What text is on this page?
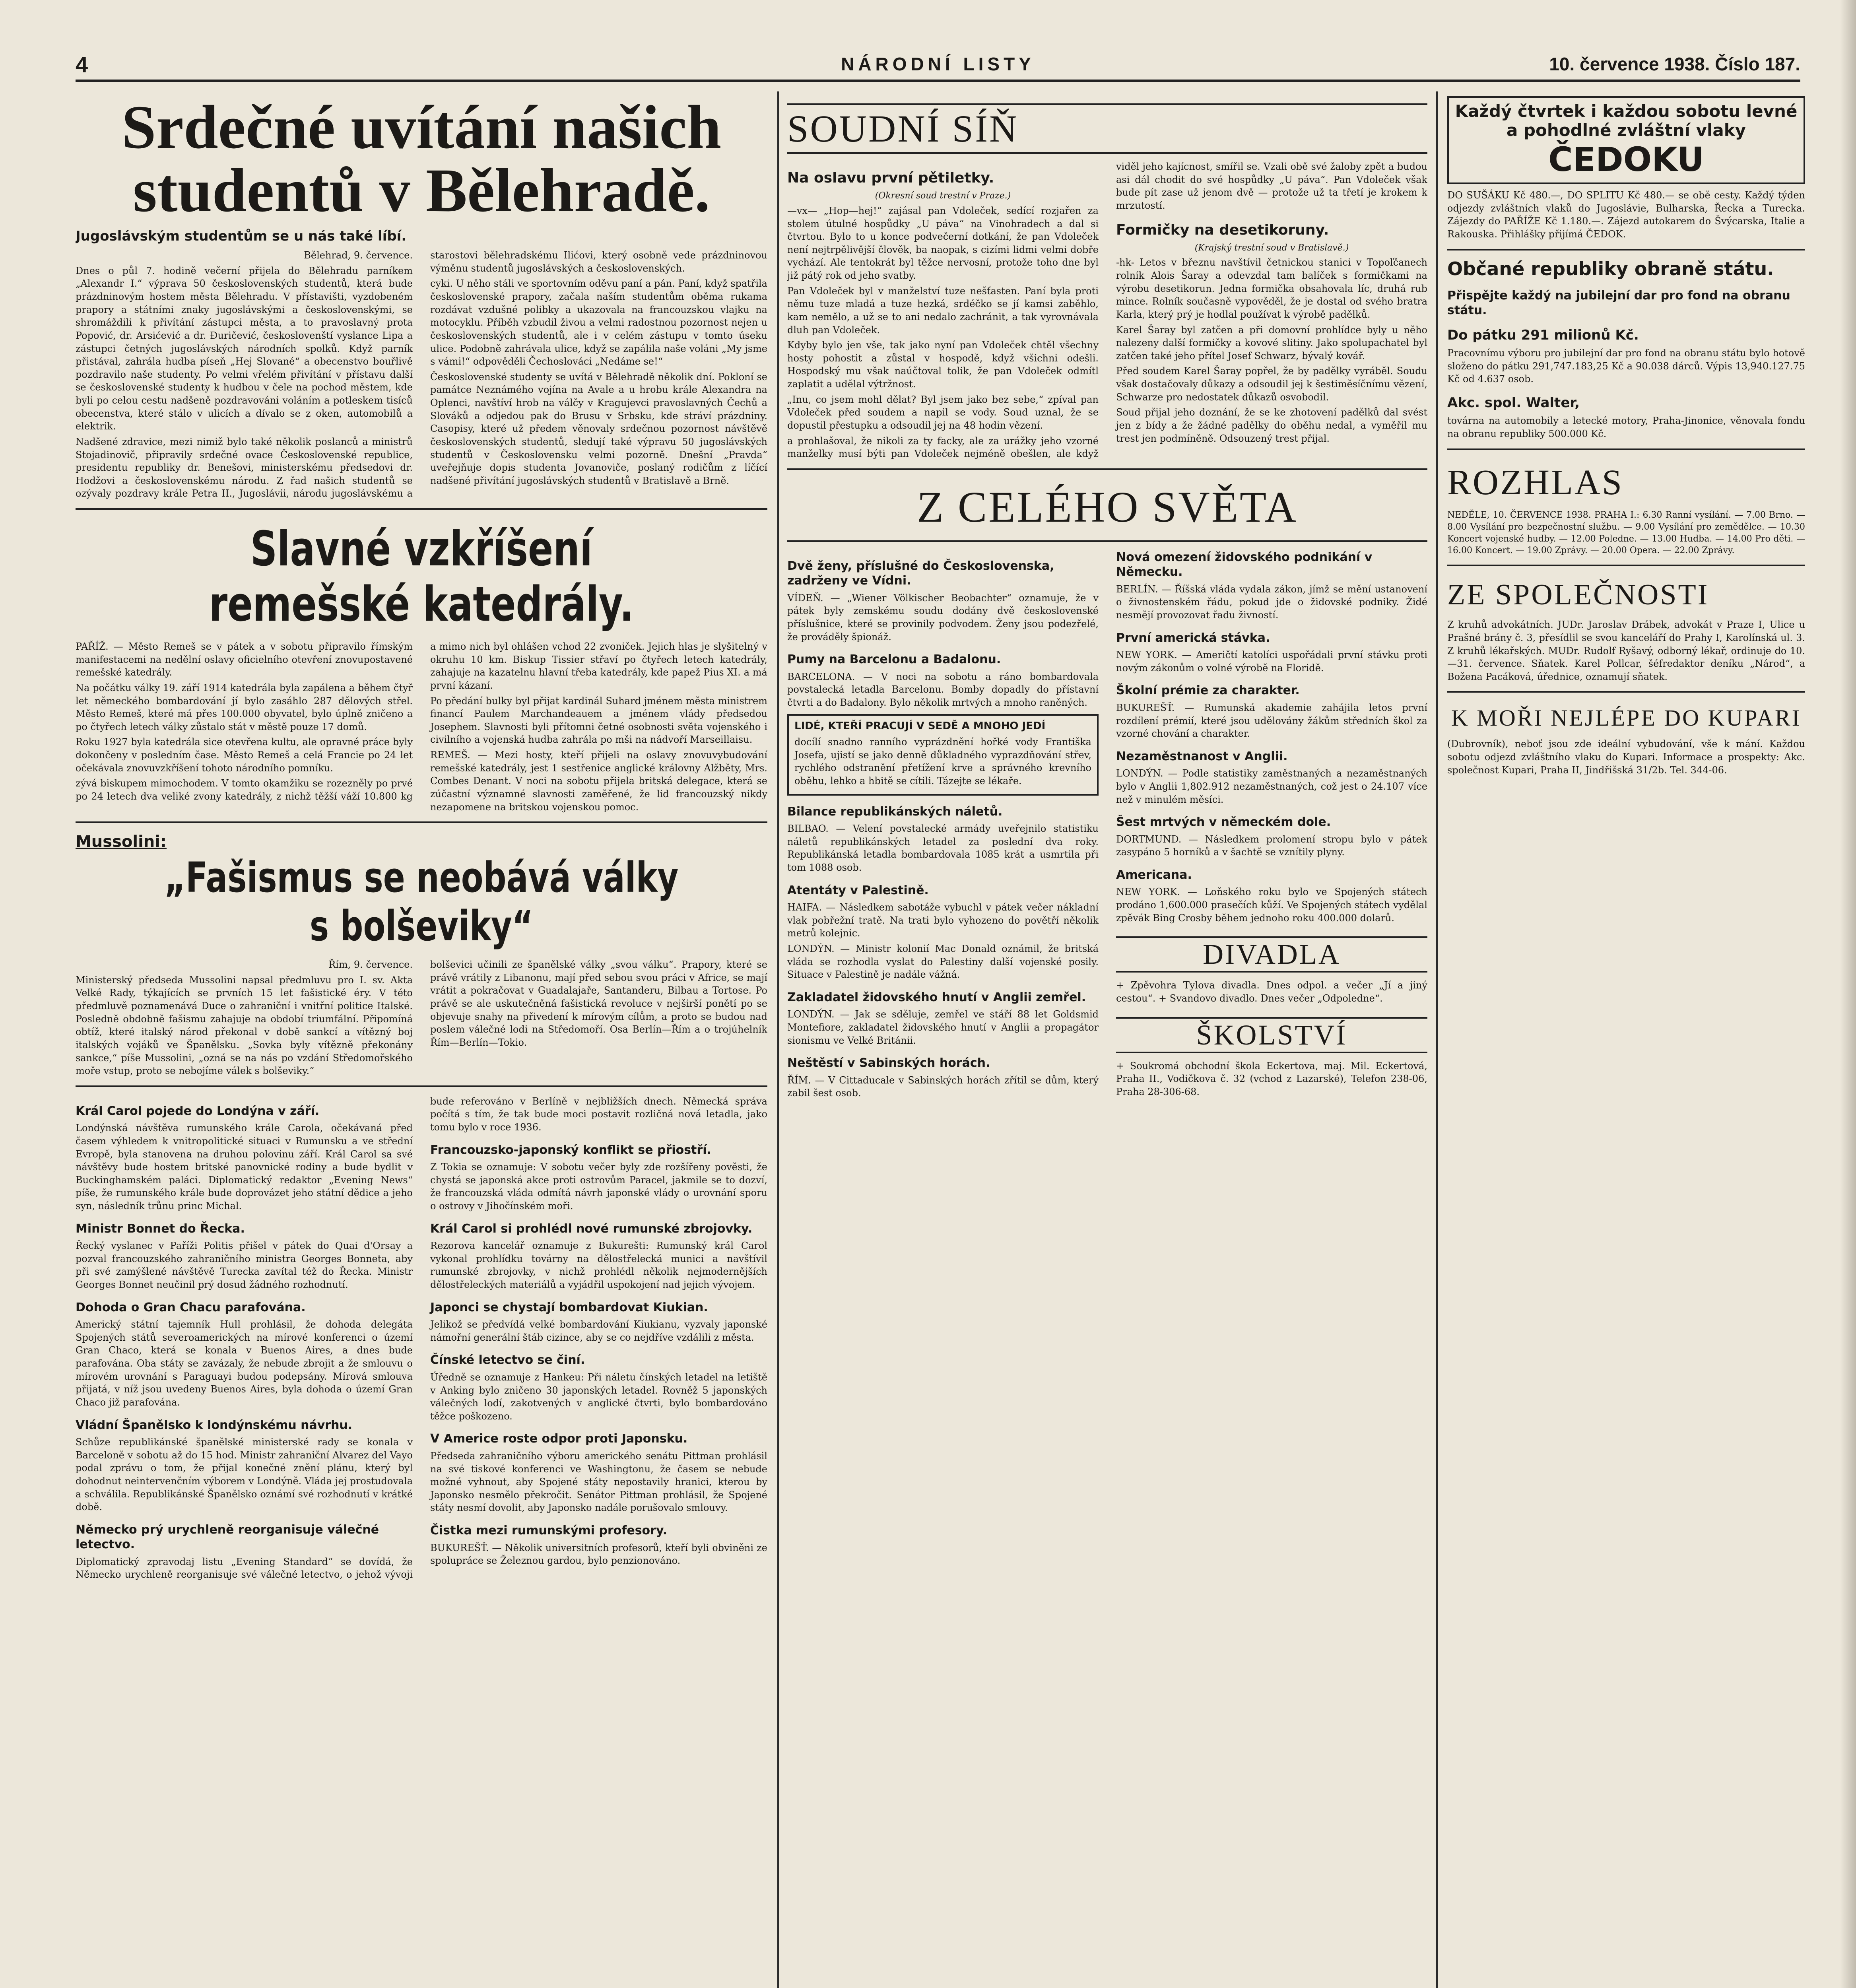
4	NÁRODNÍ LISTY	10. července 1938. Číslo 187.
Srdečné uvítání našich
studentů v Bělehradě.
Jugoslávským studentům se u nás také líbí.

Bělehrad, 9. července.

Dnes o půl 7. hodině večerní přijela do Bělehradu parníkem „Alexandr I.“ výprava 50 československých studentů, která bude prázdninovým hostem města Bělehradu. V přístavišti, vyzdobeném prapory a státními znaky jugoslávskými a československými, se shromáždili k přivítání zástupci města, a to pravoslavný prota Popović, dr. Arsićević a dr. Đuričević, českoslovenští vyslance Lipa a zástupci četných jugoslávských národních spolků. Když parník přistával, zahrála hudba píseň „Hej Slované“ a obecenstvo bouřlivě pozdravilo naše studenty. Po velmi vřelém přivítání v přístavu další se československé studenty k hudbou v čele na pochod městem, kde byli po celou cestu nadšeně pozdravováni voláním a potleskem tisíců obecenstva, které stálo v ulicích a dívalo se z oken, automobilů a elektrik.

Nadšené zdravice, mezi nimiž bylo také několik poslanců a ministrů Stojadinovič, připravily srdečné ovace Československé republice, presidentu republiky dr. Benešovi, ministerskému předsedovi dr. Hodžovi a československému národu. Z řad našich studentů se ozývaly pozdravy krále Petra II., Jugoslávii, národu jugoslávskému a starostovi bělehradskému Ilićovi, který osobně vede prázdninovou výměnu studentů jugoslávských a československých.

cyki. U něho stáli ve sportovním oděvu paní a pán. Paní, když spatřila československé prapory, začala naším studentům oběma rukama rozdávat vzdušné polibky a ukazovala na francouzskou vlajku na motocyklu. Příběh vzbudil živou a velmi radostnou pozornost nejen u československých studentů, ale i v celém zástupu v tomto úseku ulice. Podobně zahrávala ulice, když se zapálila naše voláni „My jsme s vámi!“ odpověděli Čechoslováci „Nedáme se!“

Československé studenty se uvítá v Bělehradě několik dní. Pokloní se památce Neznámého vojína na Avale a u hrobu krále Alexandra na Oplenci, navštíví hrob na válčy v Kragujevci pravoslavných Čechů a Slováků a odjedou pak do Brusu v Srbsku, kde stráví prázdniny. Casopisy, které už předem věnovaly srdečnou pozornost návštěvě československých studentů, sledují také výpravu 50 jugoslávských studentů v Československu velmi pozorně. Dnešní „Pravda“ uveřejňuje dopis studenta Jovanoviče, poslaný rodičům z líčící nadšené přivítání jugoslávských studentů v Bratislavě a Brně.

Slavné vzkříšení remešské katedrály.

PAŘÍŽ. — Město Remeš se v pátek a v sobotu připravilo římským manifestacemi na nedělní oslavy oficielního otevření znovupostavené remešské katedrály.

Na počátku války 19. září 1914 katedrála byla zapálena a během čtyř let německého bombardování jí bylo zasáhlo 287 dělových střel. Město Remeš, které má přes 100.000 obyvatel, bylo úplně zničeno a po čtyřech letech války zůstalo stát v městě pouze 17 domů.

Roku 1927 byla katedrála sice otevřena kultu, ale opravné práce byly dokončeny v posledním čase. Město Remeš a celá Francie po 24 let očekávala znovuvzkříšení tohoto národního pomníku.

zývá biskupem mimochodem. V tomto okamžiku se rozezněly po prvé po 24 letech dva veliké zvony katedrály, z nichž těžší váží 10.800 kg a mimo nich byl ohlášen vchod 22 zvoniček. Jejich hlas je slyšitelný v okruhu 10 km. Biskup Tissier střaví po čtyřech letech katedrály, zahajuje na kazatelnu hlavní třeba katedrály, kde papež Pius XI. a má první kázaní.

Po předání bulky byl přijat kardinál Suhard jménem města ministrem financí Paulem Marchandeauem a jménem vlády předsedou Josephem. Slavnosti byli přítomni četné osobnosti světa vojenského i civilního a vojenská hudba zahrála po mši na nádvoří Marseillaisu.

REMEŠ. — Mezi hosty, kteří přijeli na oslavy znovuvybudování remešské katedrály, jest 1 sestřenice anglické královny Alžběty, Mrs. Combes Denant. V noci na sobotu přijela britská delegace, která se zúčastní významné slavnosti zaměřené, že lid francouzský nikdy nezapomene na britskou vojenskou pomoc.

Mussolini:
„Fašismus se neobává války s bolševiky“

Řím, 9. července.

Ministerský předseda Mussolini napsal předmluvu pro I. sv. Akta Velké Rady, týkajících se prvních 15 let fašistické éry. V této předmluvě poznamenává Duce o zahraniční i vnitřní politice Italské. Posledně obdobně fašismu zahajuje na období triumfální. Připomíná obtíž, které italský národ překonal v době sankcí a vítězný boj italských vojáků ve Španělsku. „Sovka byly vítězně překonány sankce,“ píše Mussolini, „ozná se na nás po vzdání Středomořského moře vstup, proto se nebojíme válek s bolševiky.“

bolševici učinili ze španělské války „svou válku“. Prapory, které se právě vrátily z Libanonu, mají před sebou svou práci v Africe, se mají vrátit a pokračovat v Guadalajaře, Santanderu, Bilbau a Tortose. Po právě se ale uskutečněná fašistická revoluce v nejširší ponětí po se objevuje snahy na přivedení k mírovým cílům, a proto se budou nad poslem válečné lodi na Středomoří. Osa Berlín—Řím a o trojúhelník Řím—Berlín—Tokio.

Král Carol pojede do Londýna v září.

Londýnská návštěva rumunského krále Carola, očekávaná před časem výhledem k vnitropolitické situaci v Rumunsku a ve střední Evropě, byla stanovena na druhou polovinu září. Král Carol sa své návštěvy bude hostem britské panovnické rodiny a bude bydlit v Buckinghamském paláci. Diplomatický redaktor „Evening News“ píše, že rumunského krále bude doprovázet jeho státní dědice a jeho syn, následník trůnu princ Michal.

Ministr Bonnet do Řecka.

Řecký vyslanec v Paříži Politis přišel v pátek do Quai d'Orsay a pozval francouzského zahraničního ministra Georges Bonneta, aby při své zamýšlené návštěvě Turecka zavítal též do Řecka. Ministr Georges Bonnet neučinil prý dosud žádného rozhodnutí.

Dohoda o Gran Chacu parafována.

Americký státní tajemník Hull prohlásil, že dohoda delegáta Spojených států severoamerických na mírové konferenci o území Gran Chaco, která se konala v Buenos Aires, a dnes bude parafována. Oba státy se zavázaly, že nebude zbrojit a že smlouvu o mírovém urovnání s Paraguayi budou podepsány. Mírová smlouva přijatá, v níž jsou uvedeny Buenos Aires, byla dohoda o území Gran Chaco již parafována.

Vládní Španělsko k londýnskému návrhu.

Schůze republikánské španělské ministerské rady se konala v Barceloně v sobotu až do 15 hod. Ministr zahraniční Alvarez del Vayo podal zprávu o tom, že přijal konečné znění plánu, který byl dohodnut neintervenčním výborem v Londýně. Vláda jej prostudovala a schválila. Republikánské Španělsko oznámí své rozhodnutí v krátké době.

Německo prý urychleně reorganisuje válečné letectvo.

Diplomatický zpravodaj listu „Evening Standard“ se dovídá, že Německo urychleně reorganisuje své válečné letectvo, o jehož vývoji bude referováno v Berlíně v nejbližších dnech. Německá správa počítá s tím, že tak bude moci postavit rozličná nová letadla, jako tomu bylo v roce 1936.

Francouzsko-japonský konflikt se přiostří.

Z Tokia se oznamuje: V sobotu večer byly zde rozšířeny pověsti, že chystá se japonská akce proti ostrovům Paracel, jakmile se to dozví, že francouzská vláda odmítá návrh japonské vlády o urovnání sporu o ostrovy v Jihočínském moři.

Král Carol si prohlédl nové rumunské zbrojovky.

Rezorova kancelář oznamuje z Bukurešti: Rumunský král Carol vykonal prohlídku továrny na dělostřelecká munici a navštívil rumunské zbrojovky, v nichž prohlédl několik nejmodernějších dělostřeleckých materiálů a vyjádřil uspokojení nad jejich vývojem.

Japonci se chystají bombardovat Kiukian.

Jelikož se předvídá velké bombardování Kiukianu, vyzvaly japonské námořní generální štáb cizince, aby se co nejdříve vzdálili z města.

Čínské letectvo se činí.

Úředně se oznamuje z Hankeu: Při náletu čínských letadel na letiště v Anking bylo zničeno 30 japonských letadel. Rovněž 5 japonských válečných lodí, zakotvených v anglické čtvrti, bylo bombardováno těžce poškozeno.

V Americe roste odpor proti Japonsku.

Předseda zahraničního výboru amerického senátu Pittman prohlásil na své tiskové konferenci ve Washingtonu, že časem se nebude možné vyhnout, aby Spojené státy nepostavily hranici, kterou by Japonsko nesmělo překročit. Senátor Pittman prohlásil, že Spojené státy nesmí dovolit, aby Japonsko nadále porušovalo smlouvy.

Čistka mezi rumunskými profesory.

BUKUREŠŤ. — Několik universitních profesorů, kteří byli obviněni ze spolupráce se Železnou gardou, bylo penzionováno.

SOUDNÍ SÍŇ
Na oslavu první pětiletky.

(Okresní soud trestní v Praze.)

—vx— „Hop—hej!“ zajásal pan Vdoleček, sedící rozjařen za stolem útulné hospůdky „U páva“ na Vinohradech a dal si čtvrtou. Bylo to u konce podvečerní dotkání, že pan Vdoleček není nejtrpělivější člověk, ba naopak, s cizími lidmi velmi dobře vychází. Ale tentokrát byl těžce nervosní, protože toho dne byl již pátý rok od jeho svatby.

Pan Vdoleček byl v manželství tuze nešťasten. Paní byla proti němu tuze mladá a tuze hezká, srdéčko se jí kamsi zaběhlo, kam nemělo, a už se to ani nedalo zachránit, a tak vyrovnávala dluh pan Vdoleček.

Kdyby bylo jen vše, tak jako nyní pan Vdoleček chtěl všechny hosty pohostit a zůstal v hospodě, když všichni odešli. Hospodský mu však naúčtoval tolik, že pan Vdoleček odmítl zaplatit a udělal výtržnost.

„Inu, co jsem mohl dělat? Byl jsem jako bez sebe,“ zpíval pan Vdoleček před soudem a napil se vody. Soud uznal, že se dopustil přestupku a odsoudil jej na 48 hodin vězení.

a prohlašoval, že nikoli za ty facky, ale za urážky jeho vzorné manželky musí býti pan Vdoleček nejméně obešlen, ale když viděl jeho kajícnost, smířil se. Vzali obě své žaloby zpět a budou asi dál chodit do své hospůdky „U páva“. Pan Vdoleček však bude pít zase už jenom dvě — protože už ta třetí je krokem k mrzutostí.

Formičky na desetikoruny.

(Krajský trestní soud v Bratislavě.)

-hk- Letos v březnu navštívil četnickou stanici v Topoľčanech rolník Alois Šaray a odevzdal tam balíček s formičkami na výrobu desetikorun. Jedna formička obsahovala líc, druhá rub mince. Rolník současně vypověděl, že je dostal od svého bratra Karla, který prý je hodlal používat k výrobě padělků.

Karel Šaray byl zatčen a při domovní prohlídce byly u něho nalezeny další formičky a kovové slitiny. Jako spolupachatel byl zatčen také jeho přítel Josef Schwarz, bývalý kovář.

Před soudem Karel Šaray popřel, že by padělky vyráběl. Soudu však dostačovaly důkazy a odsoudil jej k šestiměsíčnímu vězení, Schwarze pro nedostatek důkazů osvobodil.

Soud přijal jeho doznání, že se ke zhotovení padělků dal svést jen z bídy a že žádné padělky do oběhu nedal, a vyměřil mu trest jen podmíněně. Odsouzený trest přijal.

Z CELÉHO SVĚTA
Dvě ženy, příslušné do Československa, zadrženy ve Vídni.

VÍDEŇ. — „Wiener Völkischer Beobachter“ oznamuje, že v pátek byly zemskému soudu dodány dvě československé příslušnice, které se provinily podvodem. Ženy jsou podezřelé, že prováděly špionáž.

Pumy na Barcelonu a Badalonu.

BARCELONA. — V noci na sobotu a ráno bombardovala povstalecká letadla Barcelonu. Bomby dopadly do přístavní čtvrti a do Badalony. Bylo několik mrtvých a mnoho raněných.

LIDÉ, KTEŘÍ PRACUJÍ V SEDĚ A MNOHO JEDÍ

docílí snadno ranního vyprázdnění hořké vody Františka Josefa, ujistí se jako denně důkladného vyprazdňování střev, rychlého odstranění přetížení krve a správného krevního oběhu, lehko a hbitě se cítili. Tázejte se lékaře.

Bilance republikánských náletů.

BILBAO. — Velení povstalecké armády uveřejnilo statistiku náletů republikánských letadel za poslední dva roky. Republikánská letadla bombardovala 1085 krát a usmrtila při tom 1088 osob.

Atentáty v Palestině.

HAIFA. — Následkem sabotáže vybuchl v pátek večer nákladní vlak pobřežní tratě. Na trati bylo vyhozeno do povětří několik metrů kolejnic.

LONDÝN. — Ministr kolonií Mac Donald oznámil, že britská vláda se rozhodla vyslat do Palestiny další vojenské posily. Situace v Palestině je nadále vážná.

Zakladatel židovského hnutí v Anglii zemřel.

LONDÝN. — Jak se sděluje, zemřel ve stáří 88 let Goldsmid Montefiore, zakladatel židovského hnutí v Anglii a propagátor sionismu ve Velké Británii.

Neštěstí v Sabinských horách.

ŘÍM. — V Cittaducale v Sabinských horách zřítil se dům, který zabil šest osob.

Nová omezení židovského podnikání v Německu.

BERLÍN. — Říšská vláda vydala zákon, jímž se mění ustanovení o živnostenském řádu, pokud jde o židovské podniky. Židé nesmějí provozovat řadu živností.

První americká stávka.

NEW YORK. — Američtí katolíci uspořádali první stávku proti novým zákonům o volné výrobě na Floridě.

Školní prémie za charakter.

BUKUREŠŤ. — Rumunská akademie zahájila letos první rozdílení prémií, které jsou udělovány žákům středních škol za vzorné chování a charakter.

Nezaměstnanost v Anglii.

LONDÝN. — Podle statistiky zaměstnaných a nezaměstnaných bylo v Anglii 1,802.912 nezaměstnaných, což jest o 24.107 více než v minulém měsíci.

Šest mrtvých v německém dole.

DORTMUND. — Následkem prolomení stropu bylo v pátek zasypáno 5 horníků a v šachtě se vznítily plyny.

Americana.

NEW YORK. — Loňského roku bylo ve Spojených státech prodáno 1,600.000 prasečích kůží. Ve Spojených státech vydělal zpěvák Bing Crosby během jednoho roku 400.000 dolarů.

DIVADLA

+ Zpěvohra Tylova divadla. Dnes odpol. a večer „Jí a jiný cestou“. + Svandovo divadlo. Dnes večer „Odpoledne“.

ŠKOLSTVÍ

+ Soukromá obchodní škola Eckertova, maj. Mil. Eckertová, Praha II., Vodičkova č. 32 (vchod z Lazarské), Telefon 238-06, Praha 28-306-68.

Každý čtvrtek i každou sobotu levné a pohodlné zvláštní vlaky
ČEDOKU

DO SUŠÁKU Kč 480.—, DO SPLITU Kč 480.— se obě cesty. Každý týden odjezdy zvláštních vlaků do Jugoslávie, Bulharska, Řecka a Turecka. Zájezdy do PAŘÍŽE Kč 1.180.—. Zájezd autokarem do Švýcarska, Italie a Rakouska. Přihlášky přijímá ČEDOK.

Občané republiky obraně státu.
Přispějte každý na jubilejní dar pro fond na obranu státu.
Do pátku 291 milionů Kč.

Pracovnímu výboru pro jubilejní dar pro fond na obranu státu bylo hotově složeno do pátku 291,747.183,25 Kč a 90.038 dárců. Výpis 13,940.127.75 Kč od 4.637 osob.

Akc. spol. Walter,

továrna na automobily a letecké motory, Praha-Jinonice, věnovala fondu na obranu republiky 500.000 Kč.

ROZHLAS

NEDĚLE, 10. ČERVENCE 1938. PRAHA I.: 6.30 Ranní vysílání. — 7.00 Brno. — 8.00 Vysílání pro bezpečnostní službu. — 9.00 Vysílání pro zemědělce. — 10.30 Koncert vojenské hudby. — 12.00 Poledne. — 13.00 Hudba. — 14.00 Pro děti. — 16.00 Koncert. — 19.00 Zprávy. — 20.00 Opera. — 22.00 Zprávy.

ZE SPOLEČNOSTI

Z kruhů advokátních. JUDr. Jaroslav Drábek, advokát v Praze I, Ulice u Prašné brány č. 3, přesídlil se svou kanceláří do Prahy I, Karolínská ul. 3. Z kruhů lékařských. MUDr. Rudolf Ryšavý, odborný lékař, ordinuje do 10.—31. července. Sňatek. Karel Pollcar, šéfredaktor deníku „Národ“, a Božena Pacáková, úřednice, oznamují sňatek.

K MOŘI NEJLÉPE DO KUPARI

(Dubrovník), neboť jsou zde ideální vybudování, vše k mání. Každou sobotu odjezd zvláštního vlaku do Kupari. Informace a prospekty: Akc. společnost Kupari, Praha II, Jindřišská 31/2b. Tel. 344-06.
